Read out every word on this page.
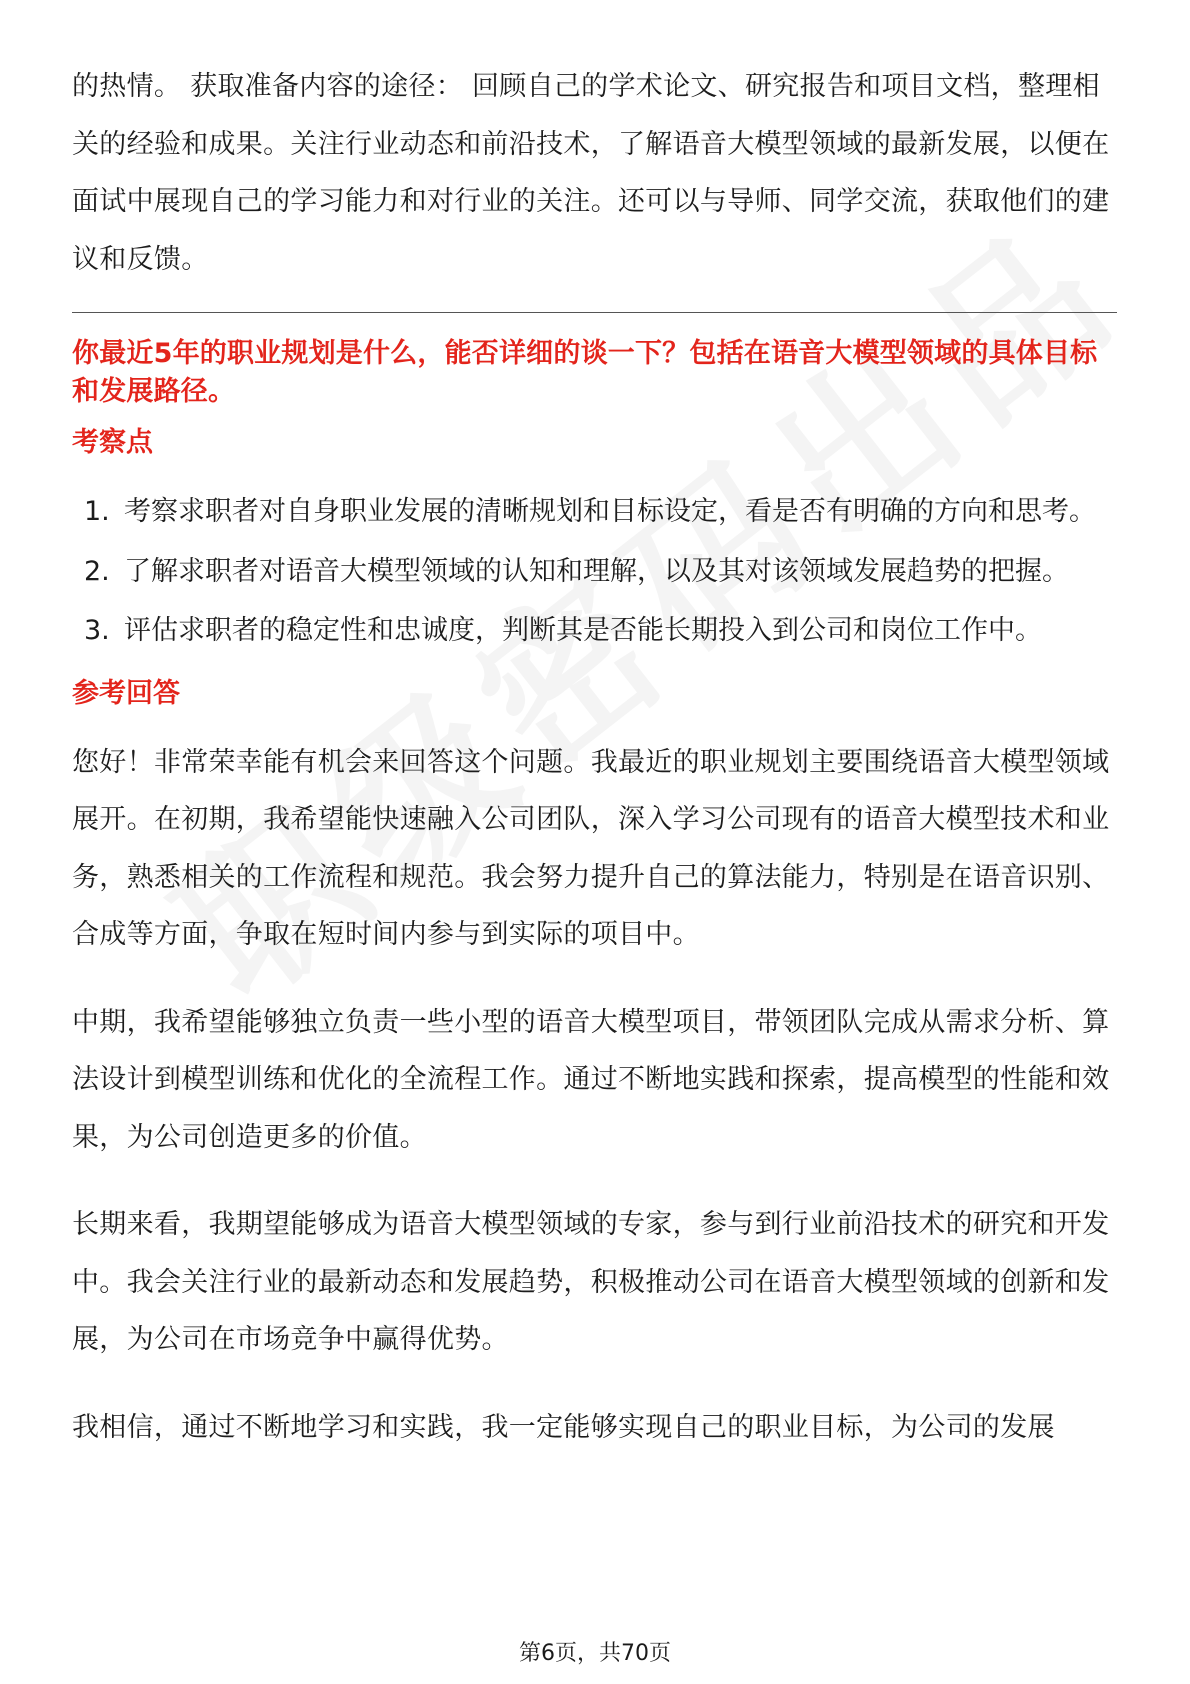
的热情。 获取准备内容的途径： 回顾自己的学术论文、研究报告和项目文档，整理相关的经验和成果。关注行业动态和前沿技术，了解语音大模型领域的最新发展，以便在面试中展现自己的学习能力和对行业的关注。还可以与导师、同学交流，获取他们的建议和反馈。

你最近5年的职业规划是什么，能否详细的谈一下？包括在语音大模型领域的具体目标和发展路径。

考察点
1. 考察求职者对自身职业发展的清晰规划和目标设定，看是否有明确的方向和思考。
2. 了解求职者对语音大模型领域的认知和理解，以及其对该领域发展趋势的把握。
3. 评估求职者的稳定性和忠诚度，判断其是否能长期投入到公司和岗位工作中。
参考回答

您好！非常荣幸能有机会来回答这个问题。我最近的职业规划主要围绕语音大模型领域展开。在初期，我希望能快速融入公司团队，深入学习公司现有的语音大模型技术和业务，熟悉相关的工作流程和规范。我会努力提升自己的算法能力，特别是在语音识别、合成等方面，争取在短时间内参与到实际的项目中。

中期，我希望能够独立负责一些小型的语音大模型项目，带领团队完成从需求分析、算法设计到模型训练和优化的全流程工作。通过不断地实践和探索，提高模型的性能和效果，为公司创造更多的价值。

长期来看，我期望能够成为语音大模型领域的专家，参与到行业前沿技术的研究和开发中。我会关注行业的最新动态和发展趋势，积极推动公司在语音大模型领域的创新和发展，为公司在市场竞争中赢得优势。

我相信，通过不断地学习和实践，我一定能够实现自己的职业目标，为公司的发展

第6页，共70页
